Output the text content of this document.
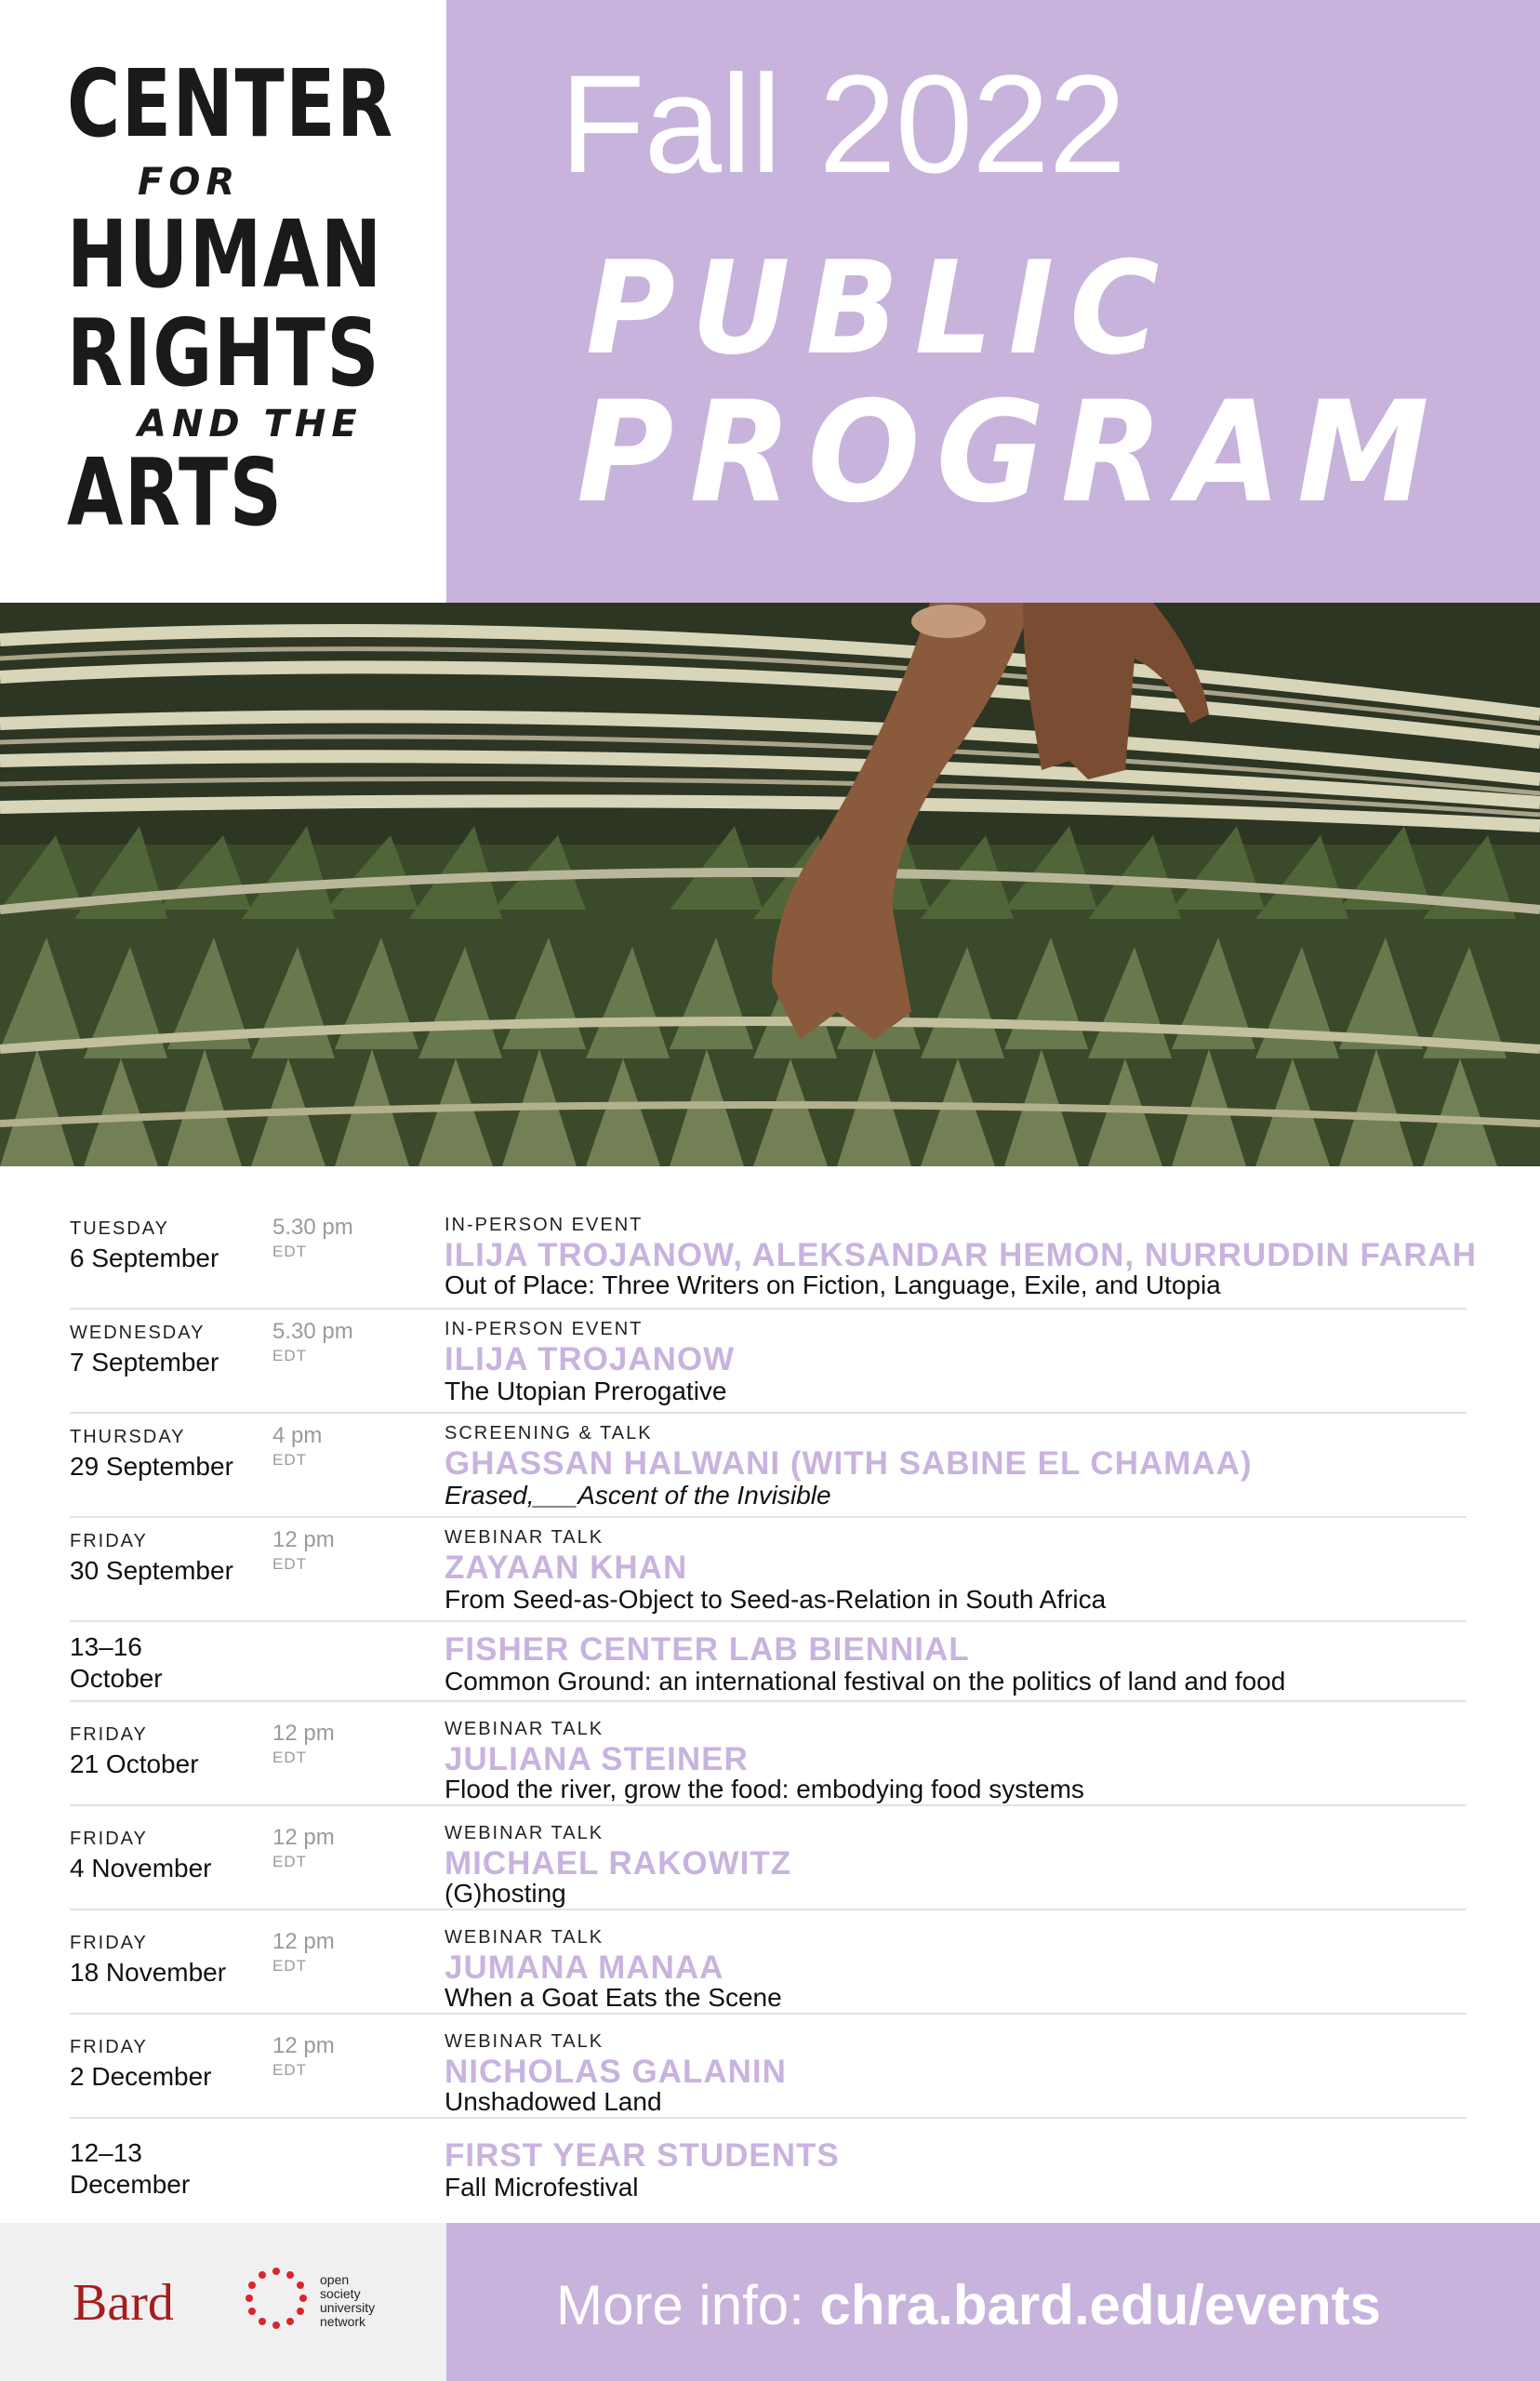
CENTER
FOR
HUMAN
RIGHTS
AND THE
ARTS
Fall 2022
PUBLIC
PROGRAM
TUESDAY
6 September
5.30 pm
EDT
IN-PERSON EVENT
ILIJA TROJANOW, ALEKSANDAR HEMON, NURRUDDIN FARAH
Out of Place: Three Writers on Fiction, Language, Exile, and Utopia
WEDNESDAY
7 September
5.30 pm
EDT
IN-PERSON EVENT
ILIJA TROJANOW
The Utopian Prerogative
THURSDAY
29 September
4 pm
EDT
SCREENING & TALK
GHASSAN HALWANI (WITH SABINE EL CHAMAA)
Erased,___Ascent of the Invisible
FRIDAY
30 September
12 pm
EDT
WEBINAR TALK
ZAYAAN KHAN
From Seed-as-Object to Seed-as-Relation in South Africa
13–16
October
FISHER CENTER LAB BIENNIAL
Common Ground: an international festival on the politics of land and food
FRIDAY
21 October
12 pm
EDT
WEBINAR TALK
JULIANA STEINER
Flood the river, grow the food: embodying food systems
FRIDAY
4 November
12 pm
EDT
WEBINAR TALK
MICHAEL RAKOWITZ
(G)hosting
FRIDAY
18 November
12 pm
EDT
WEBINAR TALK
JUMANA MANAA
When a Goat Eats the Scene
FRIDAY
2 December
12 pm
EDT
WEBINAR TALK
NICHOLAS GALANIN
Unshadowed Land
12–13
December
FIRST YEAR STUDENTS
Fall Microfestival
Bard	open
society
university
network	More info: chra.bard.edu/events
